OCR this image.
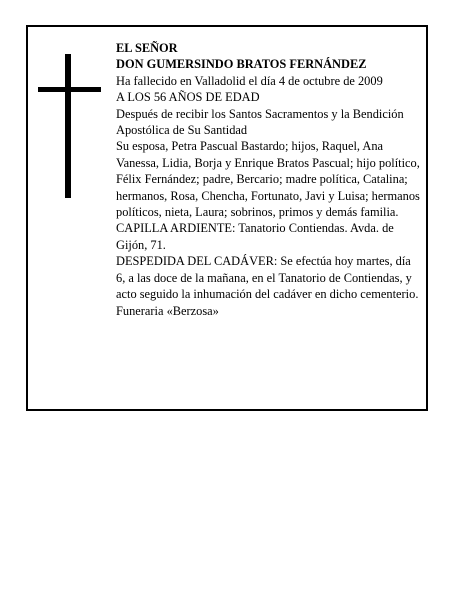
EL SEÑOR

DON GUMERSINDO BRATOS FERNÁNDEZ

Ha fallecido en Valladolid el día 4 de octubre de 2009

A LOS 56 AÑOS DE EDAD

Después de recibir los Santos Sacramentos y la Bendición Apostólica de Su Santidad

Su esposa, Petra Pascual Bastardo; hijos, Raquel, Ana Vanessa, Lidia, Borja y Enrique Bratos Pascual; hijo político, Félix Fernández; padre, Bercario; madre política, Catalina; hermanos, Rosa, Chencha, Fortunato, Javi y Luisa; hermanos políticos, nieta, Laura; sobrinos, primos y demás familia.

CAPILLA ARDIENTE: Tanatorio Contiendas. Avda. de Gijón, 71.

DESPEDIDA DEL CADÁVER: Se efectúa hoy martes, día 6, a las doce de la mañana, en el Tanatorio de Contiendas, y acto seguido la inhumación del cadáver en dicho cementerio.

Funeraria «Berzosa»
